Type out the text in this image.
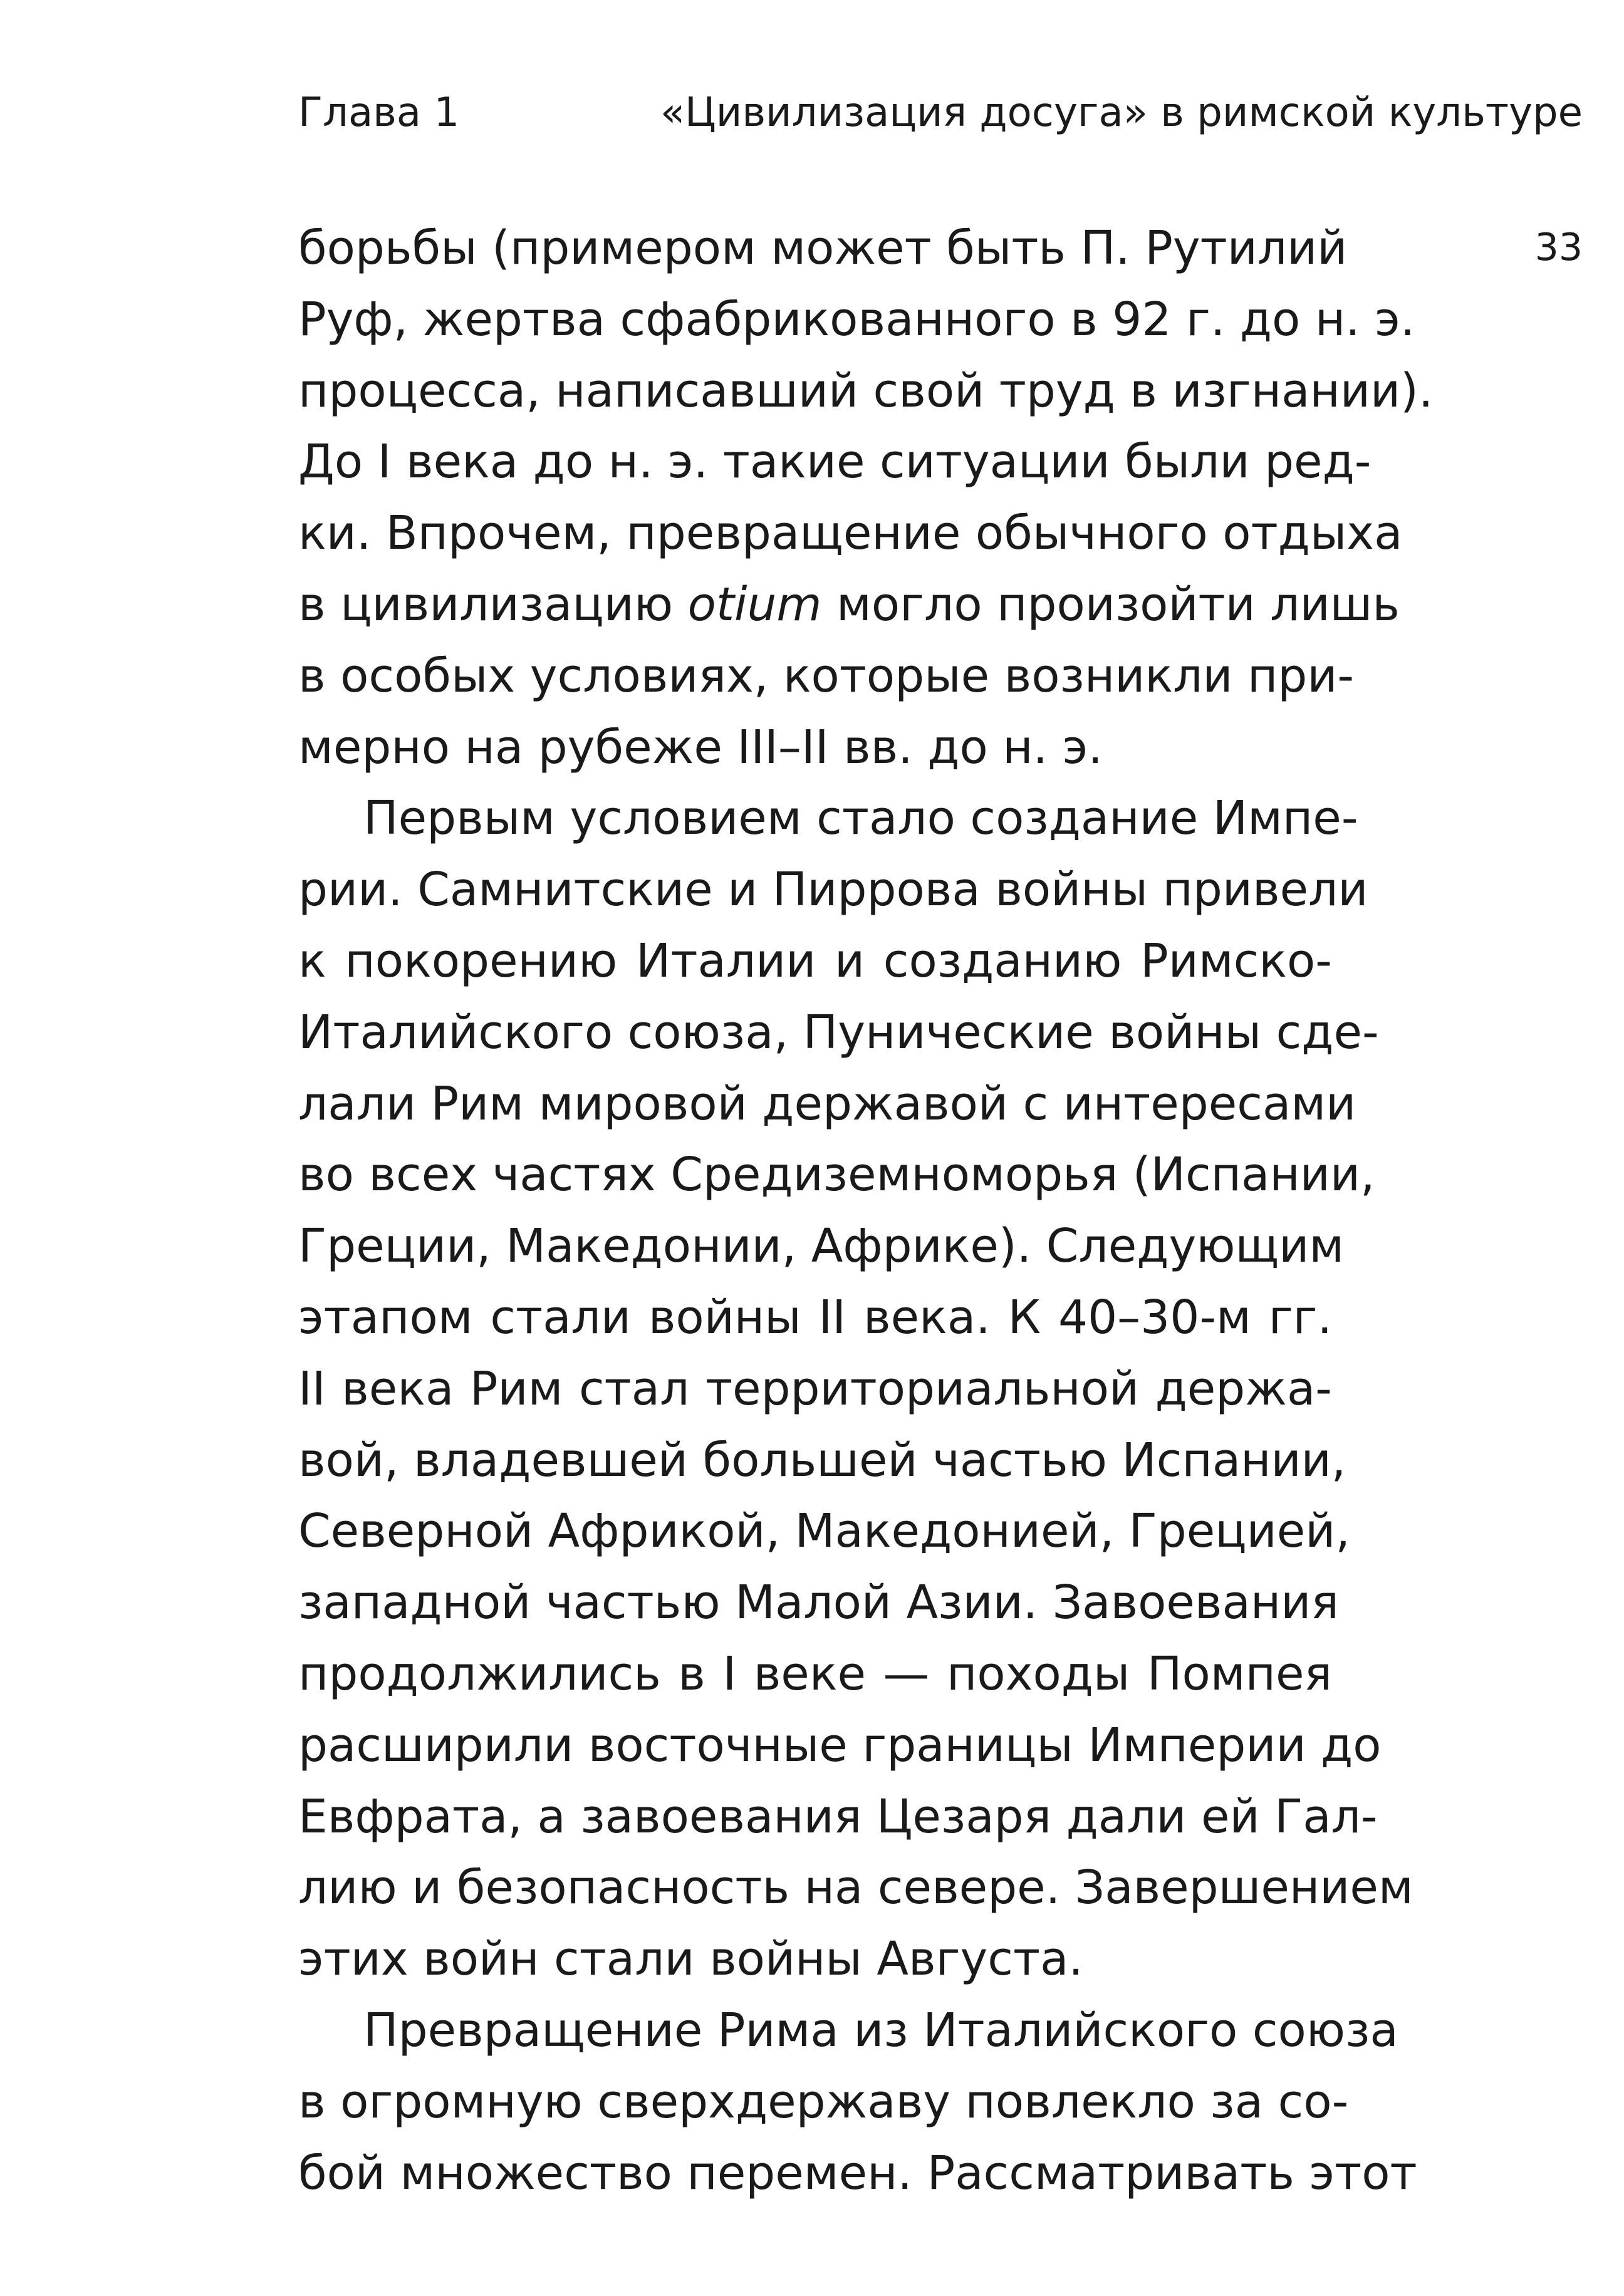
Глава 1	«Цивилизация досуга» в римской культуре
33
борьбы (примером может быть П. Рутилий
Руф, жертва сфабрикованного в 92 г. до н. э.
процесса, написавший свой труд в изгнании).
До I века до н. э. такие ситуации были ред-
ки. Впрочем, превращение обычного отдыха
в цивилизацию otium могло произойти лишь
в особых условиях, которые возникли при-
мерно на рубеже III–II вв. до н. э.
Первым условием стало создание Импе-
рии. Самнитские и Пиррова войны привели
к покорению Италии и созданию Римско-
Италийского союза, Пунические войны сде-
лали Рим мировой державой с интересами
во всех частях Средиземноморья (Испании,
Греции, Македонии, Африке). Следующим
этапом стали войны II века. К 40–30-м гг.
II века Рим стал территориальной держа-
вой, владевшей большей частью Испании,
Северной Африкой, Македонией, Грецией,
западной частью Малой Азии. Завоевания
продолжились в I веке — походы Помпея
расширили восточные границы Империи до
Евфрата, а завоевания Цезаря дали ей Гал-
лию и безопасность на севере. Завершением
этих войн стали войны Августа.
Превращение Рима из Италийского союза
в огромную сверхдержаву повлекло за со-
бой множество перемен. Рассматривать этот
